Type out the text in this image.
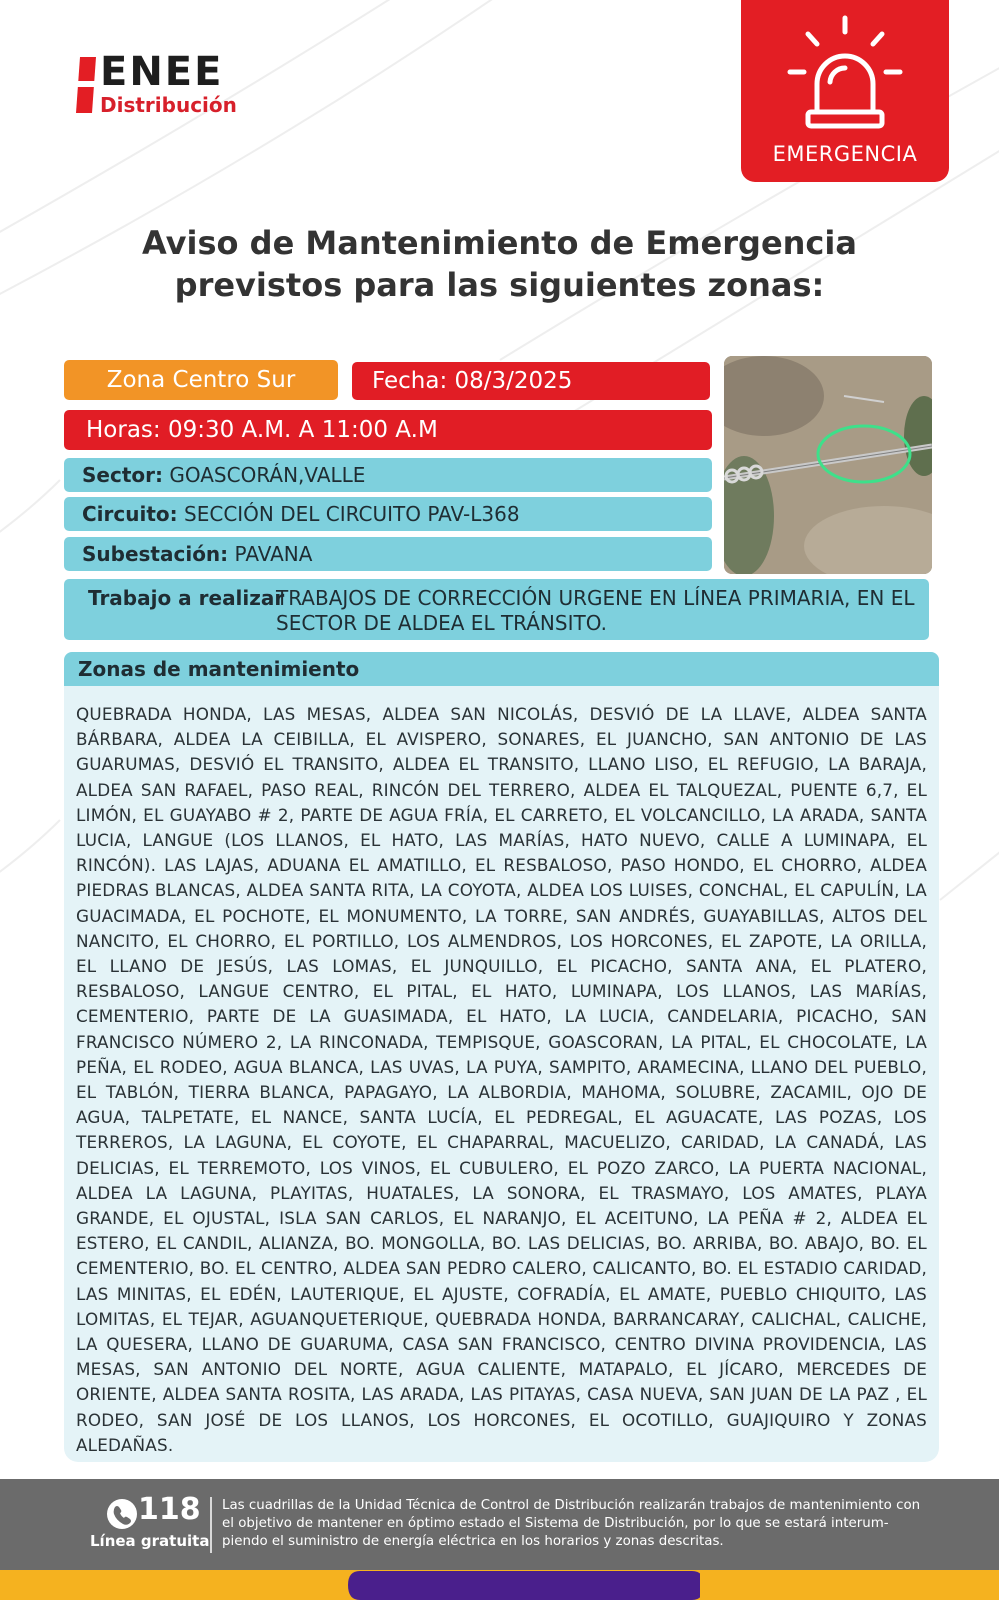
ENEE
Distribución
EMERGENCIA
Aviso de Mantenimiento de Emergencia
previstos para las siguientes zonas:
Zona Centro Sur	Fecha: 08/3/2025
Horas: 09:30 A.M. A 11:00 A.M
Sector: GOASCORÁN,VALLE
Circuito: SECCIÓN DEL CIRCUITO PAV-L368
Subestación: PAVANA
Trabajo a realizar
TRABAJOS DE CORRECCIÓN URGENE EN LÍNEA PRIMARIA, EN EL SECTOR DE ALDEA EL TRÁNSITO.
Zonas de mantenimiento
QUEBRADA HONDA, LAS MESAS, ALDEA SAN NICOLÁS, DESVIÓ DE LA LLAVE, ALDEA SANTA BÁRBARA, ALDEA LA CEIBILLA, EL AVISPERO, SONARES, EL JUANCHO, SAN ANTONIO DE LAS GUARUMAS, DESVIÓ EL TRANSITO, ALDEA EL TRANSITO, LLANO LISO, EL REFUGIO, LA BARAJA, ALDEA SAN RAFAEL, PASO REAL, RINCÓN DEL TERRERO, ALDEA EL TALQUEZAL, PUENTE 6,7, EL LIMÓN, EL GUAYABO # 2, PARTE DE AGUA FRÍA, EL CARRETO, EL VOLCANCILLO, LA ARADA, SANTA LUCIA, LANGUE (LOS LLANOS, EL HATO, LAS MARÍAS, HATO NUEVO, CALLE A LUMINAPA, EL RINCÓN). LAS LAJAS, ADUANA EL AMATILLO, EL RESBALOSO, PASO HONDO, EL CHORRO, ALDEA PIEDRAS BLANCAS, ALDEA SANTA RITA, LA COYOTA, ALDEA LOS LUISES, CONCHAL, EL CAPULÍN, LA GUACIMADA, EL POCHOTE, EL MONUMENTO, LA TORRE, SAN ANDRÉS, GUAYABILLAS, ALTOS DEL NANCITO, EL CHORRO, EL PORTILLO, LOS ALMENDROS, LOS HORCONES, EL ZAPOTE, LA ORILLA, EL LLANO DE JESÚS, LAS LOMAS, EL JUNQUILLO, EL PICACHO, SANTA ANA, EL PLATERO, RESBALOSO, LANGUE CENTRO, EL PITAL, EL HATO, LUMINAPA, LOS LLANOS, LAS MARÍAS, CEMENTERIO, PARTE DE LA GUASIMADA, EL HATO, LA LUCIA, CANDELARIA, PICACHO, SAN FRANCISCO NÚMERO 2, LA RINCONADA, TEMPISQUE, GOASCORAN, LA PITAL, EL CHOCOLATE, LA PEÑA, EL RODEO, AGUA BLANCA, LAS UVAS, LA PUYA, SAMPITO, ARAMECINA, LLANO DEL PUEBLO, EL TABLÓN, TIERRA BLANCA, PAPAGAYO, LA ALBORDIA, MAHOMA, SOLUBRE, ZACAMIL, OJO DE AGUA, TALPETATE, EL NANCE, SANTA LUCÍA, EL PEDREGAL, EL AGUACATE, LAS POZAS, LOS TERREROS, LA LAGUNA, EL COYOTE, EL CHAPARRAL, MACUELIZO, CARIDAD, LA CANADÁ, LAS DELICIAS, EL TERREMOTO, LOS VINOS, EL CUBULERO, EL POZO ZARCO, LA PUERTA NACIONAL, ALDEA LA LAGUNA, PLAYITAS, HUATALES, LA SONORA, EL TRASMAYO, LOS AMATES, PLAYA GRANDE, EL OJUSTAL, ISLA SAN CARLOS, EL NARANJO, EL ACEITUNO, LA PEÑA # 2, ALDEA EL ESTERO, EL CANDIL, ALIANZA, BO. MONGOLLA, BO. LAS DELICIAS, BO. ARRIBA, BO. ABAJO, BO. EL CEMENTERIO, BO. EL CENTRO, ALDEA SAN PEDRO CALERO, CALICANTO, BO. EL ESTADIO CARIDAD, LAS MINITAS, EL EDÉN, LAUTERIQUE, EL AJUSTE, COFRADÍA, EL AMATE, PUEBLO CHIQUITO, LAS LOMITAS, EL TEJAR, AGUANQUETERIQUE, QUEBRADA HONDA, BARRANCARAY, CALICHAL, CALICHE, LA QUESERA, LLANO DE GUARUMA, CASA SAN FRANCISCO, CENTRO DIVINA PROVIDENCIA, LAS MESAS, SAN ANTONIO DEL NORTE, AGUA CALIENTE, MATAPALO, EL JÍCARO, MERCEDES DE ORIENTE, ALDEA SANTA ROSITA, LAS ARADA, LAS PITAYAS, CASA NUEVA, SAN JUAN DE LA PAZ , EL RODEO, SAN JOSÉ DE LOS LLANOS, LOS HORCONES, EL OCOTILLO, GUAJIQUIRO Y ZONAS ALEDAÑAS.
118
Línea gratuita
Las cuadrillas de la Unidad Técnica de Control de Distribución realizarán trabajos de mantenimiento con el objetivo de mantener en óptimo estado el Sistema de Distribución, por lo que se estará interum-piendo el suministro de energía eléctrica en los horarios y zonas descritas.
